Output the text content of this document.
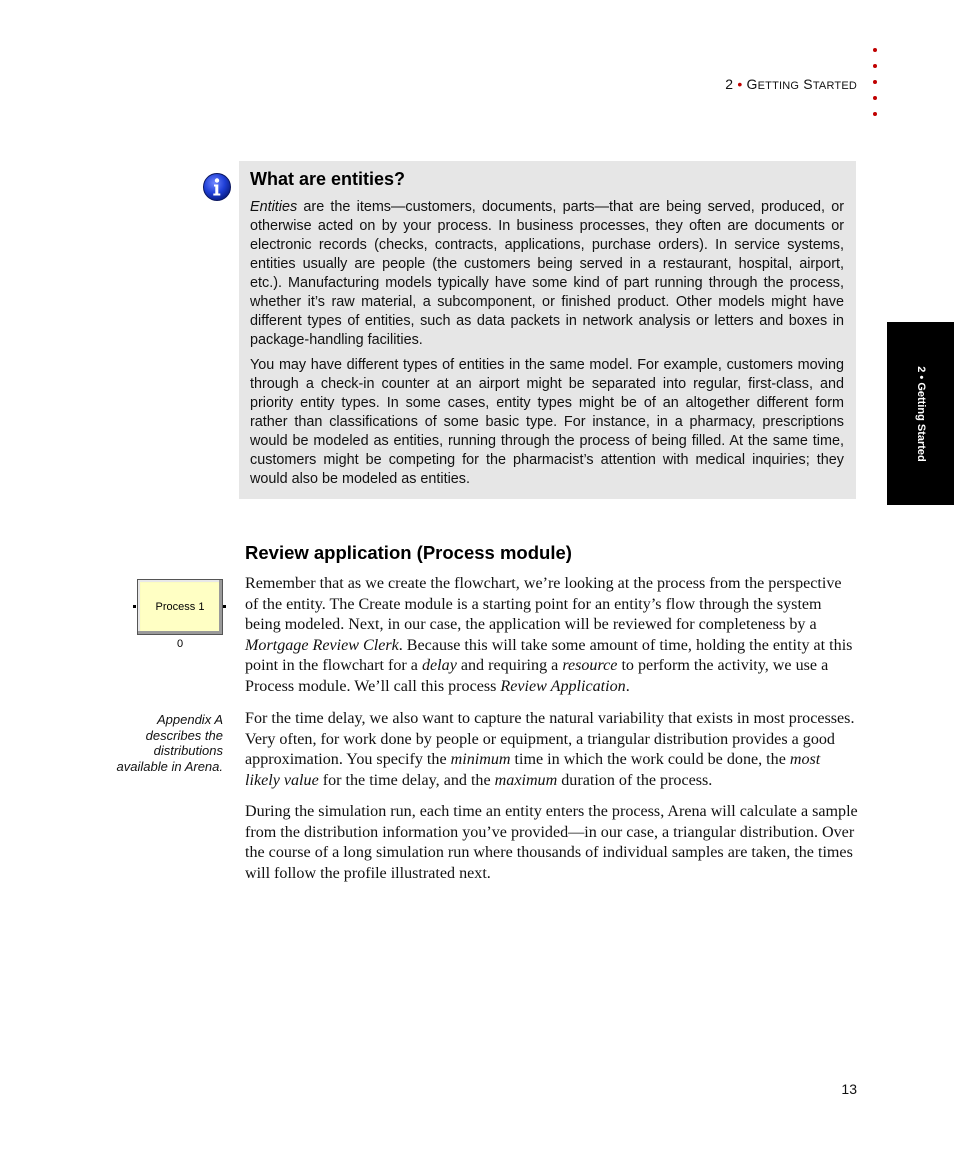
2 • GETTING STARTED
2 • Getting Started
What are entities?

Entities are the items—customers, documents, parts—that are being served, produced, or otherwise acted on by your process. In business processes, they often are documents or electronic records (checks, contracts, applications, purchase orders). In service systems, entities usually are people (the customers being served in a restaurant, hospital, airport, etc.). Manufacturing models typically have some kind of part running through the process, whether it’s raw material, a subcomponent, or finished product. Other models might have different types of entities, such as data packets in network analysis or letters and boxes in package-handling facilities.

You may have different types of entities in the same model. For example, customers moving through a check-in counter at an airport might be separated into regular, first-class, and priority entity types. In some cases, entity types might be of an altogether different form rather than classifications of some basic type. For instance, in a pharmacy, prescriptions would be modeled as entities, running through the process of being filled. At the same time, customers might be competing for the pharmacist’s attention with medical inquiries; they would also be modeled as entities.

Review application (Process module)
Process 1
0
Appendix A describes the distributions available in Arena.

Remember that as we create the flowchart, we’re looking at the process from the perspective of the entity. The Create module is a starting point for an entity’s flow through the system being modeled. Next, in our case, the application will be reviewed for completeness by a Mortgage Review Clerk. Because this will take some amount of time, holding the entity at this point in the flowchart for a delay and requiring a resource to perform the activity, we use a Process module. We’ll call this process Review Application.

For the time delay, we also want to capture the natural variability that exists in most processes. Very often, for work done by people or equipment, a triangular distribution provides a good approximation. You specify the minimum time in which the work could be done, the most likely value for the time delay, and the maximum duration of the process.

During the simulation run, each time an entity enters the process, Arena will calculate a sample from the distribution information you’ve provided—in our case, a triangular distribution. Over the course of a long simulation run where thousands of individual samples are taken, the times will follow the profile illustrated next.

13
